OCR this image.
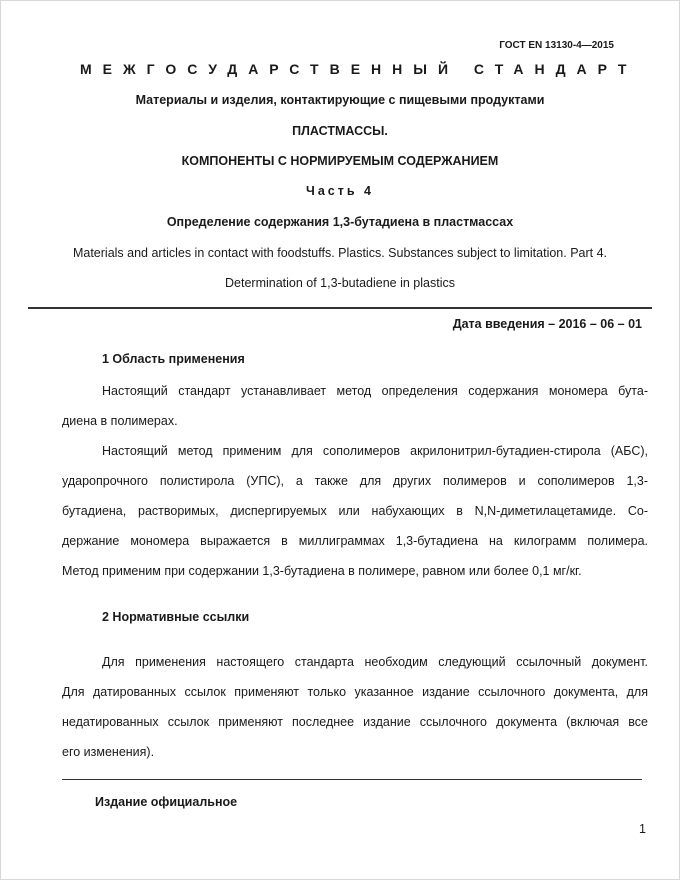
ГОСТ EN 13130-4—2015
МЕЖГОСУДАРСТВЕННЫЙ СТАНДАРТ
Материалы и изделия, контактирующие с пищевыми продуктами
ПЛАСТМАССЫ.
КОМПОНЕНТЫ С НОРМИРУЕМЫМ СОДЕРЖАНИЕМ
Часть 4
Определение содержания 1,3-бутадиена в пластмассах
Materials and articles in contact with foodstuffs. Plastics. Substances subject to limitation. Part 4.
Determination of 1,3-butadiene in plastics
Дата введения – 2016 – 06 – 01
1 Область применения
Настоящий стандарт устанавливает метод определения содержания мономера бута-
диена в полимерах.
Настоящий метод применим для сополимеров акрилонитрил-бутадиен-стирола (АБС),
ударопрочного полистирола (УПС), а также для других полимеров и сополимеров 1,3-
бутадиена, растворимых, диспергируемых или набухающих в N,N-диметилацетамиде. Со-
держание мономера выражается в миллиграммах 1,3-бутадиена на килограмм полимера.
Метод применим при содержании 1,3-бутадиена в полимере, равном или более 0,1 мг/кг.
2 Нормативные ссылки
Для применения настоящего стандарта необходим следующий ссылочный документ.
Для датированных ссылок применяют только указанное издание ссылочного документа, для
недатированных ссылок применяют последнее издание ссылочного документа (включая все
его изменения).
Издание официальное
1
